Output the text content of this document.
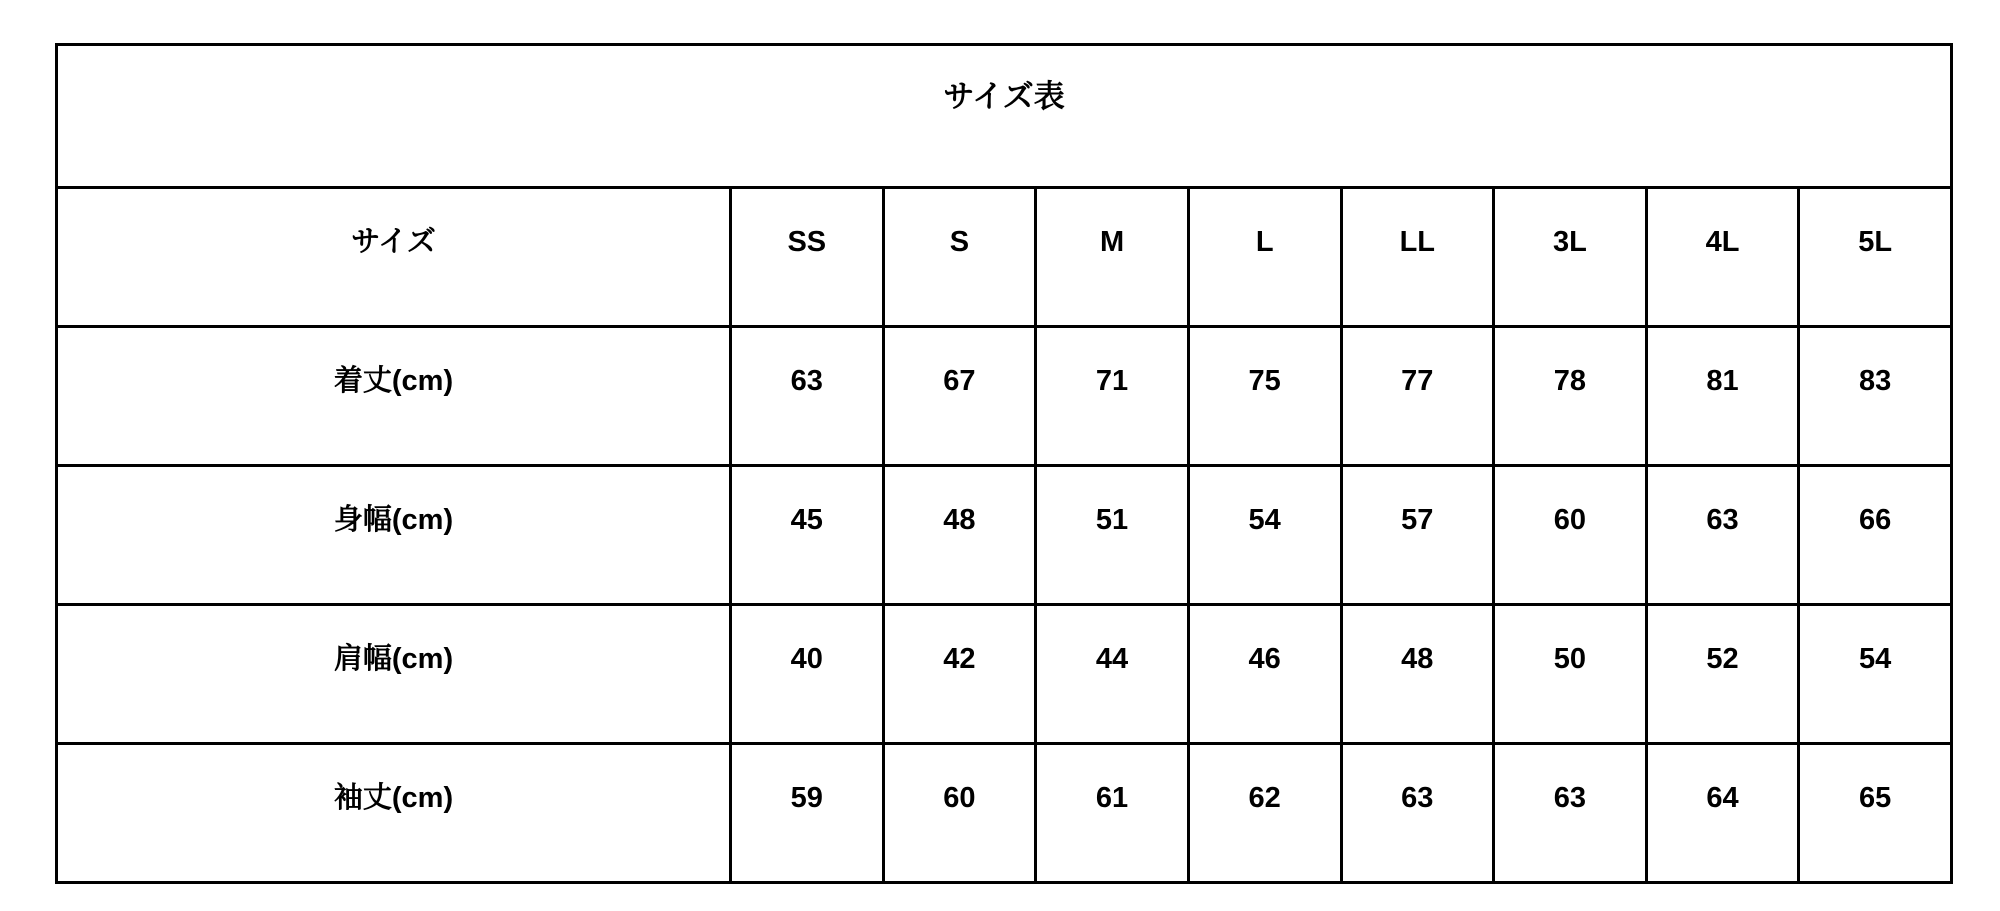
サイズ表
サイズ	SS	S	M	L	LL	3L	4L	5L
着丈(cm)	63	67	71	75	77	78	81	83
身幅(cm)	45	48	51	54	57	60	63	66
肩幅(cm)	40	42	44	46	48	50	52	54
袖丈(cm)	59	60	61	62	63	63	64	65
